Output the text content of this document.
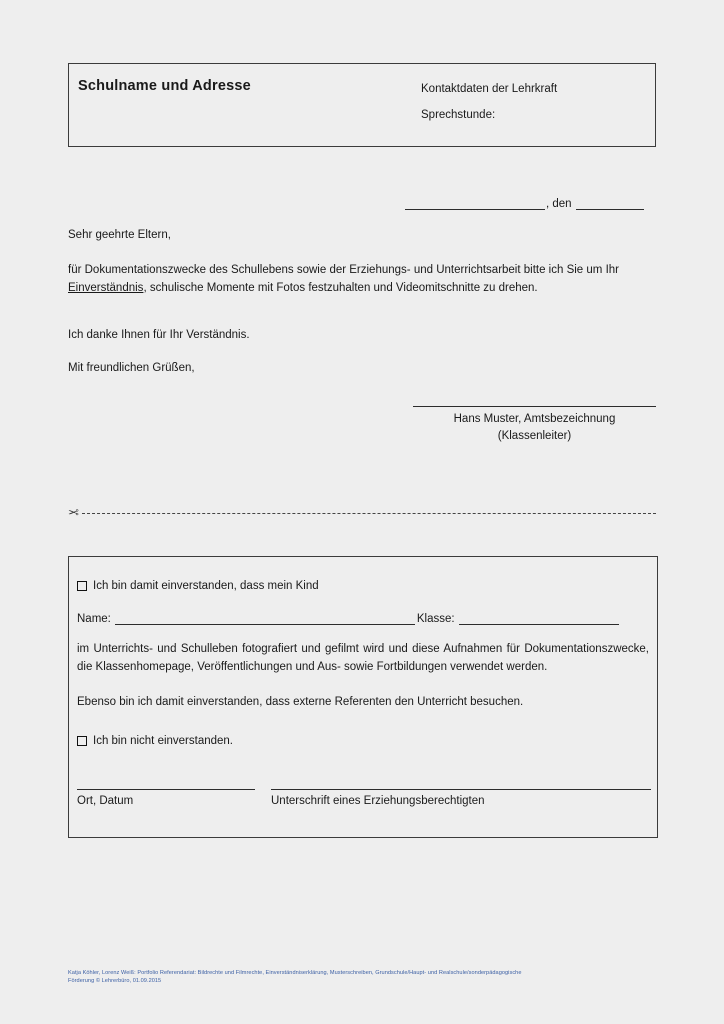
Schulname und Adresse	Kontaktdaten der Lehrkraft
Sprechstunde:
, den
Sehr geehrte Eltern,
für Dokumentationszwecke des Schullebens sowie der Erziehungs- und Unterrichtsarbeit bitte ich Sie um Ihr Einverständnis, schulische Momente mit Fotos festzuhalten und Videomitschnitte zu drehen.
Ich danke Ihnen für Ihr Verständnis.
Mit freundlichen Grüßen,
Hans Muster, Amtsbezeichnung
(Klassenleiter)
✂
Ich bin damit einverstanden, dass mein Kind
Name:	Klasse:
im Unterrichts- und Schulleben fotografiert und gefilmt wird und diese Aufnahmen für Dokumentationszwecke, die Klassenhomepage, Veröffentlichungen und Aus- sowie Fortbildungen verwendet werden.
Ebenso bin ich damit einverstanden, dass externe Referenten den Unterricht besuchen.
Ich bin nicht einverstanden.
Ort, Datum	Unterschrift eines Erziehungsberechtigten
Katja Köhler, Lorenz Weiß: Portfolio Referendariat: Bildrechte und Filmrechte, Einverständniserklärung, Musterschreiben, Grundschule/Haupt- und Realschule/sonderpädagogische
Förderung © Lehrerbüro, 01.09.2015
